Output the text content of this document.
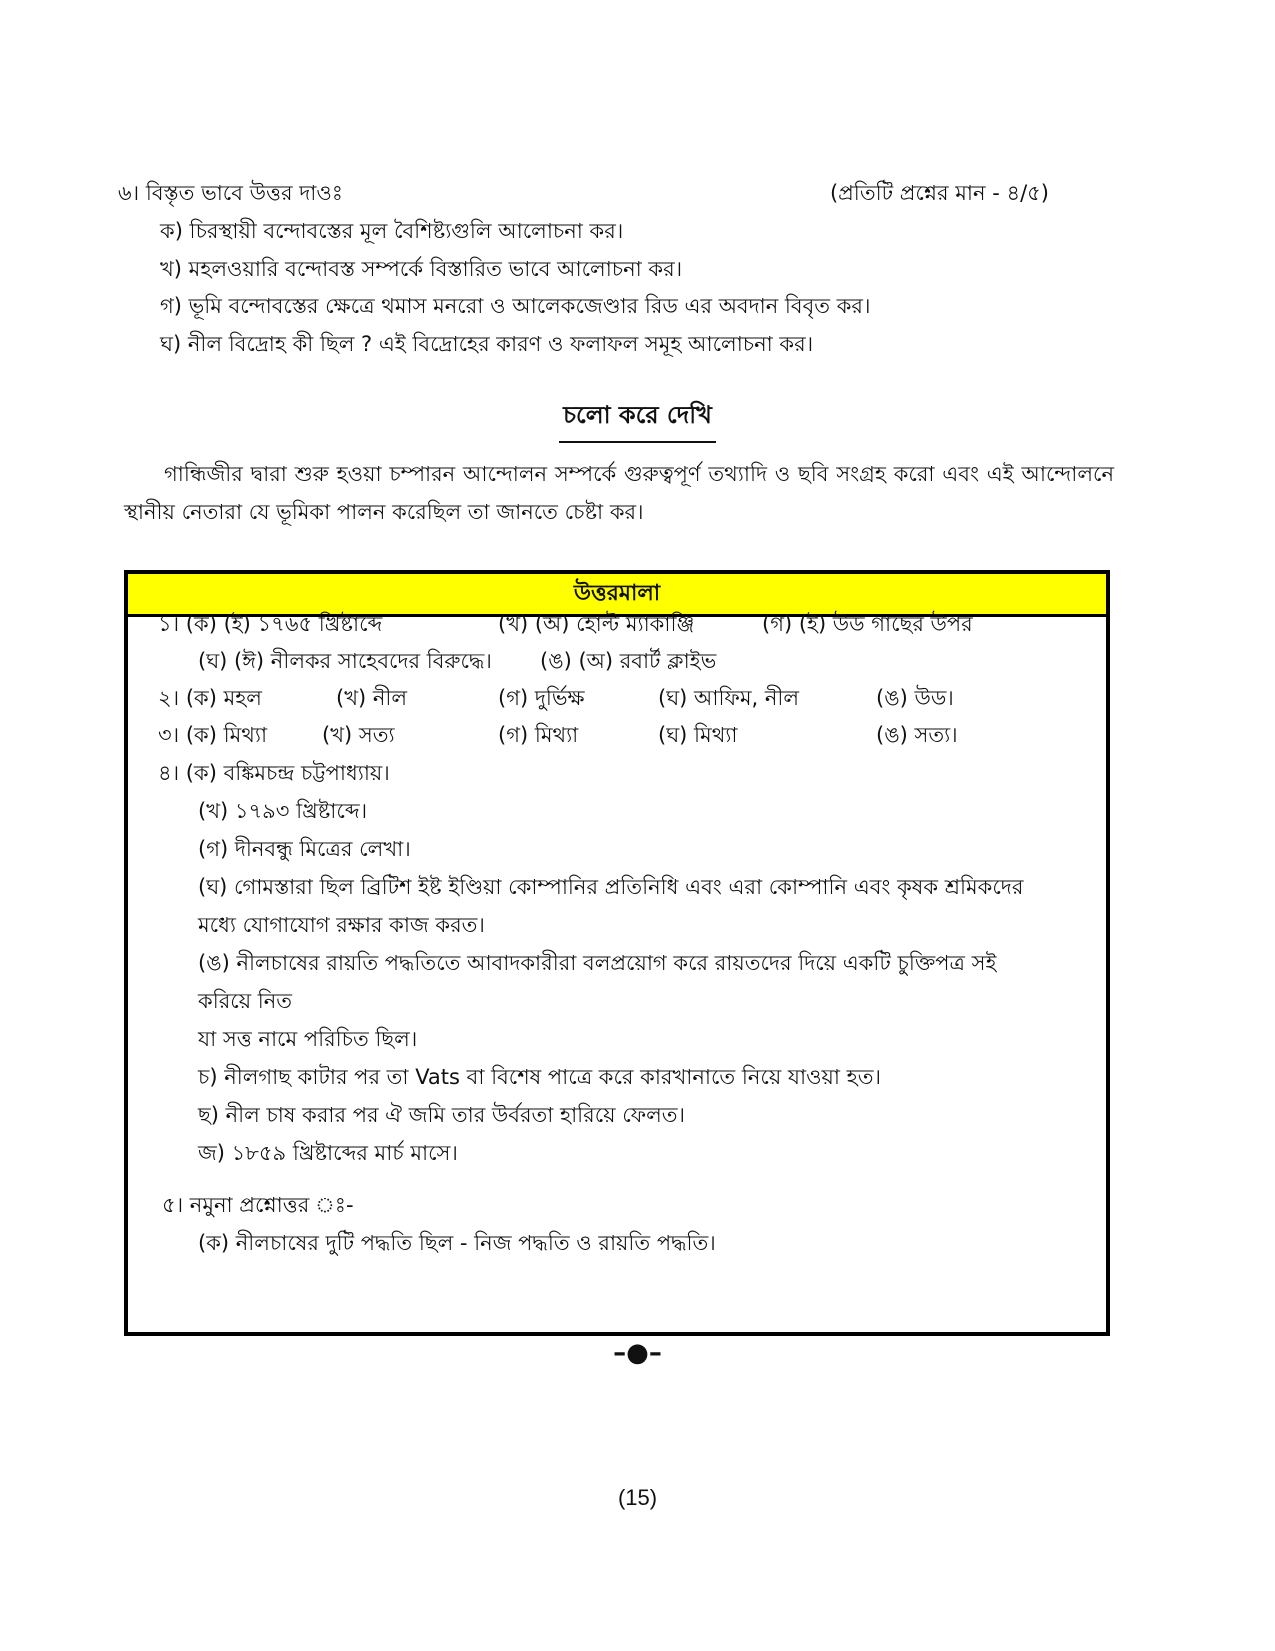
৬। বিস্তৃত ভাবে উত্তর দাওঃ	(প্রতিটি প্রশ্নের মান - ৪/৫)
ক) চিরস্থায়ী বন্দোবস্তের মূল বৈশিষ্ট্যগুলি আলোচনা কর।
খ) মহলওয়ারি বন্দোবস্ত সম্পর্কে বিস্তারিত ভাবে আলোচনা কর।
গ) ভূমি বন্দোবস্তের ক্ষেত্রে থমাস মনরো ও আলেকজেণ্ডার রিড এর অবদান বিবৃত কর।
ঘ) নীল বিদ্রোহ কী ছিল ? এই বিদ্রোহের কারণ ও ফলাফল সমূহ আলোচনা কর।
চলো করে দেখি
গান্ধিজীর দ্বারা শুরু হওয়া চম্পারন আন্দোলন সম্পর্কে গুরুত্বপূর্ণ তথ্যাদি ও ছবি সংগ্রহ করো এবং এই আন্দোলনে স্থানীয় নেতারা যে ভূমিকা পালন করেছিল তা জানতে চেষ্টা কর।
উত্তরমালা
১। (ক) (ই) ১৭৬৫ খ্রিষ্টাব্দে	(খ) (অ) হোল্ট ম্যাকাঞ্জি	(গ) (ই) উড গাছের উপর
(ঘ) (ঈ) নীলকর সাহেবদের বিরুদ্ধে। (ঙ) (অ) রবার্ট ক্লাইভ
২। (ক) মহল	(খ) নীল	(গ) দুর্ভিক্ষ	(ঘ) আফিম, নীল	(ঙ) উড।
৩। (ক) মিথ্যা	(খ) সত্য	(গ) মিথ্যা	(ঘ) মিথ্যা	(ঙ) সত্য।
৪। (ক) বঙ্কিমচন্দ্র চট্টপাধ্যায়।
(খ) ১৭৯৩ খ্রিষ্টাব্দে।
(গ) দীনবন্ধু মিত্রের লেখা।
(ঘ) গোমস্তারা ছিল ব্রিটিশ ইষ্ট ইণ্ডিয়া কোম্পানির প্রতিনিধি এবং এরা কোম্পানি এবং কৃষক শ্রমিকদের
মধ্যে যোগাযোগ রক্ষার কাজ করত।
(ঙ) নীলচাষের রায়তি পদ্ধতিতে আবাদকারীরা বলপ্রয়োগ করে রায়তদের দিয়ে একটি চুক্তিপত্র সই
করিয়ে নিত
যা সত্ত নামে পরিচিত ছিল।
চ) নীলগাছ কাটার পর তা Vats বা বিশেষ পাত্রে করে কারখানাতে নিয়ে যাওয়া হত।
ছ) নীল চাষ করার পর ঐ জমি তার উর্বরতা হারিয়ে ফেলত।
জ) ১৮৫৯ খ্রিষ্টাব্দের মার্চ মাসে।
৫। নমুনা প্রশ্নোত্তর ঃ-
(ক) নীলচাষের দুটি পদ্ধতি ছিল - নিজ পদ্ধতি ও রায়তি পদ্ধতি।
–●–
(15)
